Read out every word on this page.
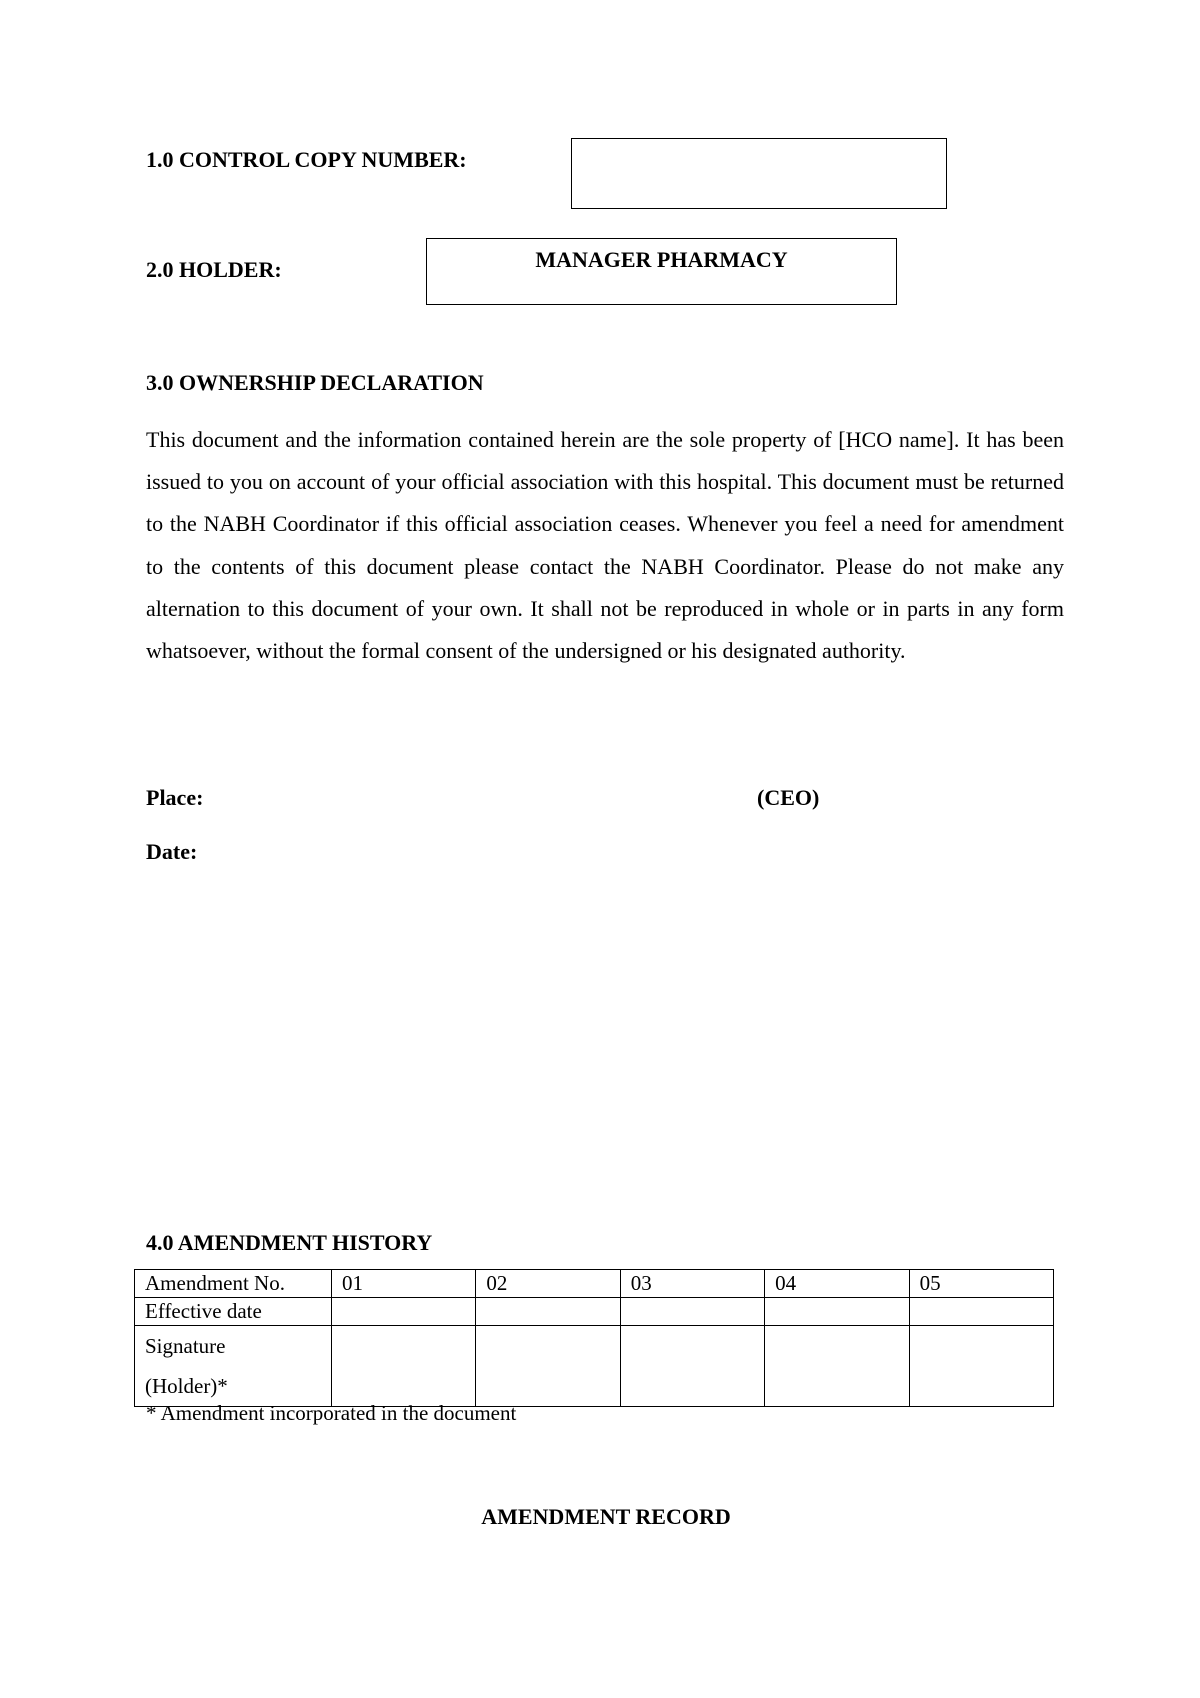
1.0 CONTROL COPY NUMBER:
2.0 HOLDER:	MANAGER PHARMACY
3.0 OWNERSHIP DECLARATION

This document and the information contained herein are the sole property of [HCO name]. It has been issued to you on account of your official association with this hospital. This document must be returned to the NABH Coordinator if this official association ceases. Whenever you feel a need for amendment to the contents of this document please contact the NABH Coordinator. Please do not make any alternation to this document of your own. It shall not be reproduced in whole or in parts in any form whatsoever, without the formal consent of the undersigned or his designated authority.

Place:	(CEO)
Date:
4.0 AMENDMENT HISTORY
Amendment No.	01	02	03	04	05
Effective date					

Signature
(Holder)*					

* Amendment incorporated in the document
AMENDMENT RECORD
